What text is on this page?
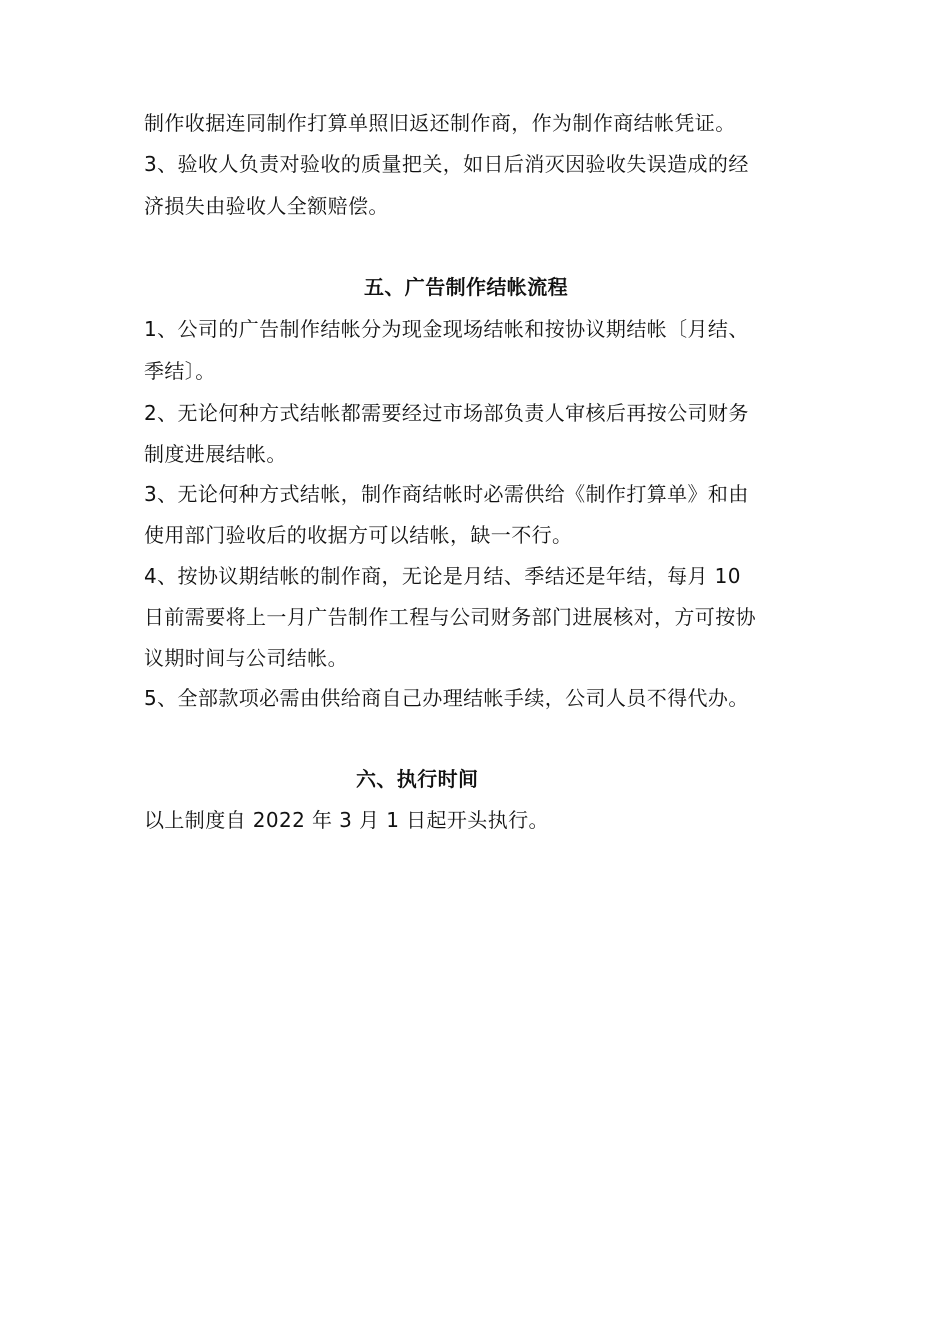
制作收据连同制作打算单照旧返还制作商，作为制作商结帐凭证。
3、验收人负责对验收的质量把关，如日后消灭因验收失误造成的经
济损失由验收人全额赔偿。
五、广告制作结帐流程
1、公司的广告制作结帐分为现金现场结帐和按协议期结帐〔月结、
季结〕。
2、无论何种方式结帐都需要经过市场部负责人审核后再按公司财务
制度进展结帐。
3、无论何种方式结帐，制作商结帐时必需供给《制作打算单》和由
使用部门验收后的收据方可以结帐，缺一不行。
4、按协议期结帐的制作商，无论是月结、季结还是年结，每月 10
日前需要将上一月广告制作工程与公司财务部门进展核对，方可按协
议期时间与公司结帐。
5、全部款项必需由供给商自己办理结帐手续，公司人员不得代办。
六、执行时间
以上制度自 2022 年 3 月 1 日起开头执行。
